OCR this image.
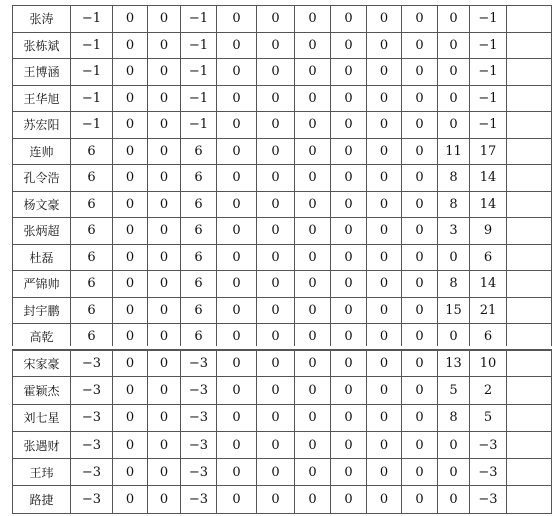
张涛	−1	0	0	−1	0	0	0	0	0	0	0	−1	
张栋斌	−1	0	0	−1	0	0	0	0	0	0	0	−1	
王博涵	−1	0	0	−1	0	0	0	0	0	0	0	−1	
王华旭	−1	0	0	−1	0	0	0	0	0	0	0	−1	
苏宏阳	−1	0	0	−1	0	0	0	0	0	0	0	−1	
连帅	6	0	0	6	0	0	0	0	0	0	11	17	
孔令浩	6	0	0	6	0	0	0	0	0	0	8	14	
杨文豪	6	0	0	6	0	0	0	0	0	0	8	14	
张炳超	6	0	0	6	0	0	0	0	0	0	3	9	
杜磊	6	0	0	6	0	0	0	0	0	0	0	6	
严锦帅	6	0	0	6	0	0	0	0	0	0	8	14	
封宇鹏	6	0	0	6	0	0	0	0	0	0	15	21	
高乾	6	0	0	6	0	0	0	0	0	0	0	6	
宋家豪	−3	0	0	−3	0	0	0	0	0	0	13	10	
霍颖杰	−3	0	0	−3	0	0	0	0	0	0	5	2	
刘七星	−3	0	0	−3	0	0	0	0	0	0	8	5	
张遇财	−3	0	0	−3	0	0	0	0	0	0	0	−3	
王玮	−3	0	0	−3	0	0	0	0	0	0	0	−3	
路捷	−3	0	0	−3	0	0	0	0	0	0	0	−3	
